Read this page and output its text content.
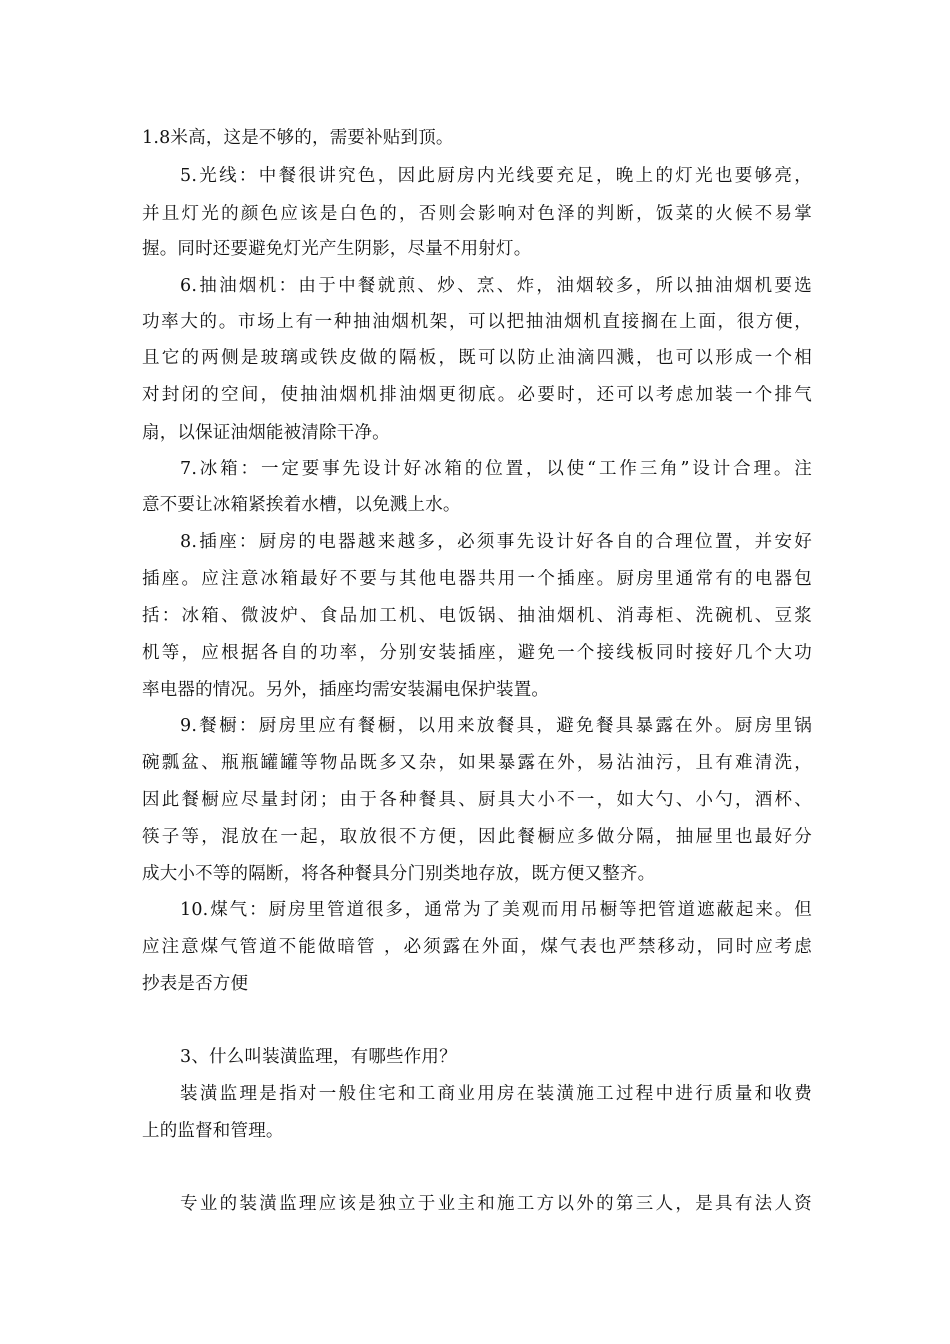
1.8米高，这是不够的，需要补贴到顶。
5.光线：中餐很讲究色，因此厨房内光线要充足，晚上的灯光也要够亮，
并且灯光的颜色应该是白色的，否则会影响对色泽的判断，饭菜的火候不易掌
握。同时还要避免灯光产生阴影，尽量不用射灯。
6.抽油烟机：由于中餐就煎、炒、烹、炸，油烟较多，所以抽油烟机要选
功率大的。市场上有一种抽油烟机架，可以把抽油烟机直接搁在上面，很方便，
且它的两侧是玻璃或铁皮做的隔板，既可以防止油滴四溅，也可以形成一个相
对封闭的空间，使抽油烟机排油烟更彻底。必要时，还可以考虑加装一个排气
扇，以保证油烟能被清除干净。
7.冰箱：一定要事先设计好冰箱的位置，以使“工作三角”设计合理。注
意不要让冰箱紧挨着水槽，以免溅上水。
8.插座：厨房的电器越来越多，必须事先设计好各自的合理位置，并安好
插座。应注意冰箱最好不要与其他电器共用一个插座。厨房里通常有的电器包
括：冰箱、微波炉、食品加工机、电饭锅、抽油烟机、消毒柜、洗碗机、豆浆
机等，应根据各自的功率，分别安装插座，避免一个接线板同时接好几个大功
率电器的情况。另外，插座均需安装漏电保护装置。
9.餐橱：厨房里应有餐橱，以用来放餐具，避免餐具暴露在外。厨房里锅
碗瓢盆、瓶瓶罐罐等物品既多又杂，如果暴露在外，易沾油污，且有难清洗，
因此餐橱应尽量封闭；由于各种餐具、厨具大小不一，如大勺、小勺，酒杯、
筷子等，混放在一起，取放很不方便，因此餐橱应多做分隔，抽屉里也最好分
成大小不等的隔断，将各种餐具分门别类地存放，既方便又整齐。
10.煤气：厨房里管道很多，通常为了美观而用吊橱等把管道遮蔽起来。但
应注意煤气管道不能做暗管 ，必须露在外面，煤气表也严禁移动，同时应考虑
抄表是否方便
3、什么叫装潢监理，有哪些作用？
装潢监理是指对一般住宅和工商业用房在装潢施工过程中进行质量和收费
上的监督和管理。
专业的装潢监理应该是独立于业主和施工方以外的第三人，是具有法人资
